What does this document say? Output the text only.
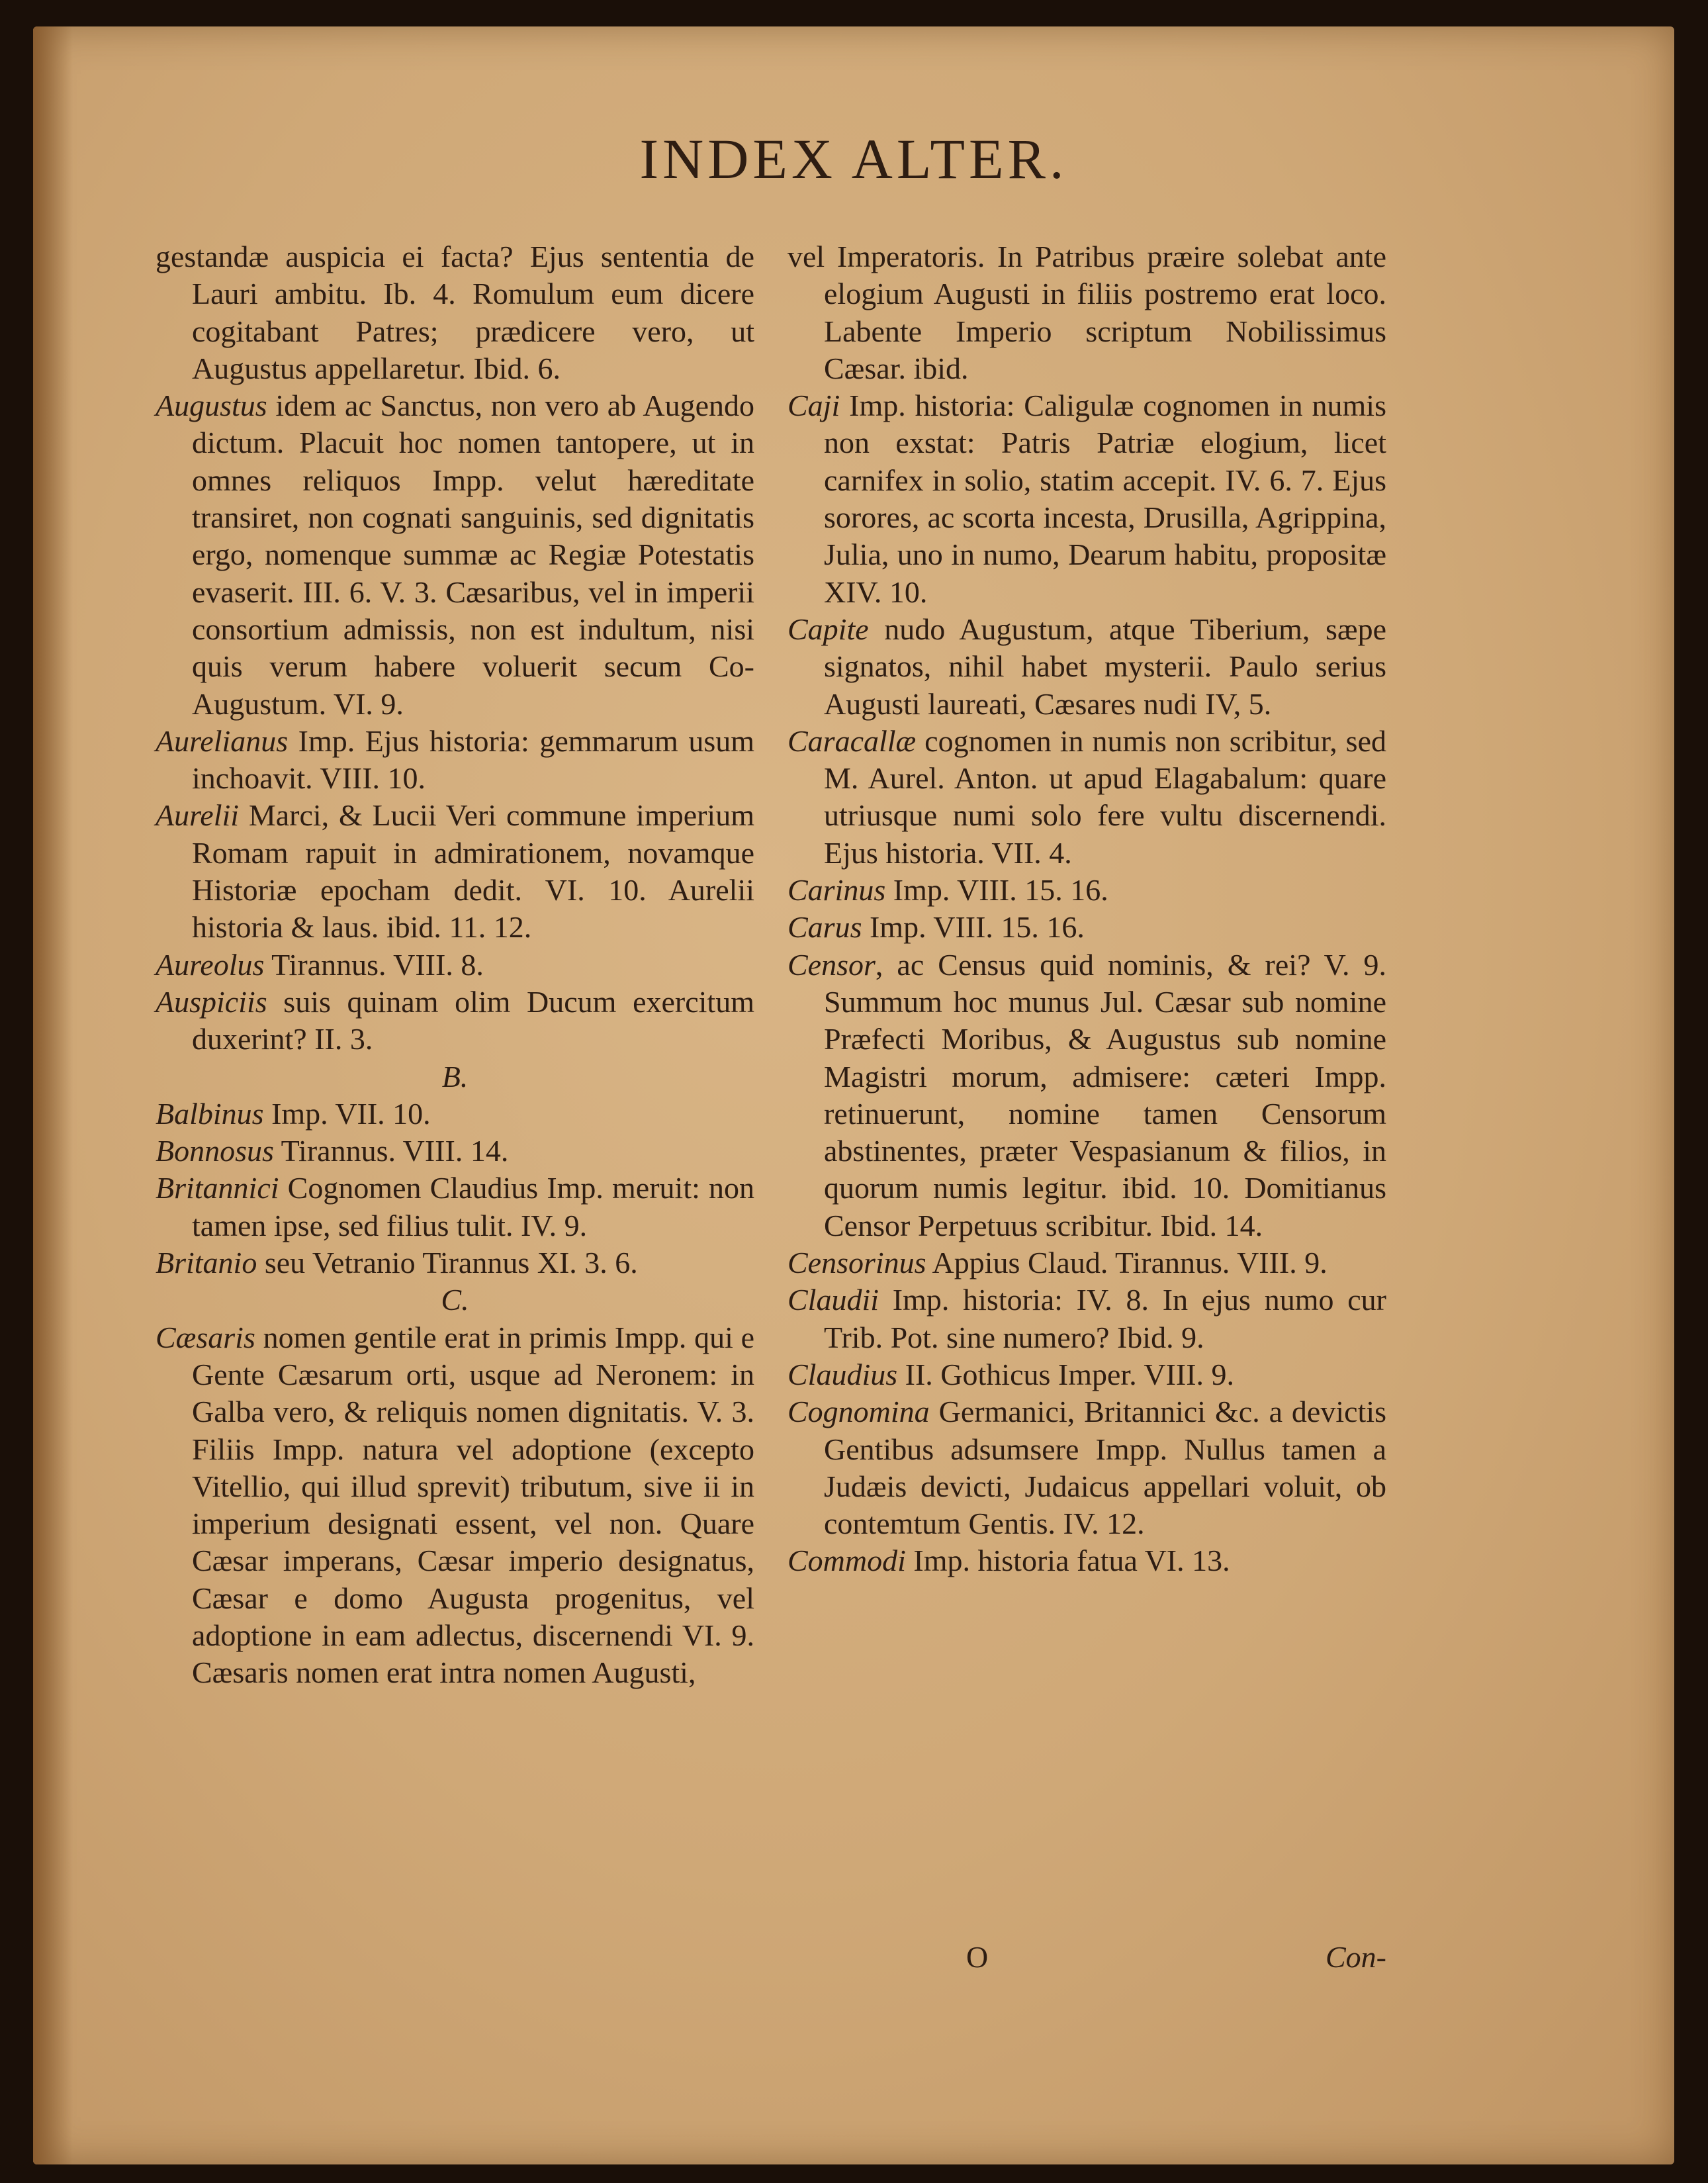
INDEX ALTER.

gestandæ auspicia ei facta? Ejus sententia de Lauri ambitu. Ib. 4. Romulum eum dicere cogitabant Patres; prædicere vero, ut Augustus appellaretur. Ibid. 6.

Augustus idem ac Sanctus, non vero ab Augendo dictum. Placuit hoc nomen tantopere, ut in omnes reliquos Impp. velut hæreditate transiret, non cognati sanguinis, sed dignitatis ergo, nomenque summæ ac Regiæ Potestatis evaserit. III. 6. V. 3. Cæsaribus, vel in imperii consortium admissis, non est indultum, nisi quis verum habere voluerit secum Co-Augustum. VI. 9.

Aurelianus Imp. Ejus historia: gemmarum usum inchoavit. VIII. 10.

Aurelii Marci, & Lucii Veri commune imperium Romam rapuit in admirationem, novamque Historiæ epocham dedit. VI. 10. Aurelii historia & laus. ibid. 11. 12.

Aureolus Tirannus. VIII. 8.

Auspiciis suis quinam olim Ducum exercitum duxerint? II. 3.

B.

Balbinus Imp. VII. 10.

Bonnosus Tirannus. VIII. 14.

Britannici Cognomen Claudius Imp. meruit: non tamen ipse, sed filius tulit. IV. 9.

Britanio seu Vetranio Tirannus XI. 3. 6.

C.

Cæsaris nomen gentile erat in primis Impp. qui e Gente Cæsarum orti, usque ad Neronem: in Galba vero, & reliquis nomen dignitatis. V. 3. Filiis Impp. natura vel adoptione (excepto Vitellio, qui illud sprevit) tributum, sive ii in imperium designati essent, vel non. Quare Cæsar imperans, Cæsar imperio designatus, Cæsar e domo Augusta progenitus, vel adoptione in eam adlectus, discernendi VI. 9. Cæsaris nomen erat intra nomen Augusti,

vel Imperatoris. In Patribus præire solebat ante elogium Augusti in filiis postremo erat loco. Labente Imperio scriptum Nobilissimus Cæsar. ibid.

Caji Imp. historia: Caligulæ cognomen in numis non exstat: Patris Patriæ elogium, licet carnifex in solio, statim accepit. IV. 6. 7. Ejus sorores, ac scorta incesta, Drusilla, Agrippina, Julia, uno in numo, Dearum habitu, propositæ XIV. 10.

Capite nudo Augustum, atque Tiberium, sæpe signatos, nihil habet mysterii. Paulo serius Augusti laureati, Cæsares nudi IV, 5.

Caracallæ cognomen in numis non scribitur, sed M. Aurel. Anton. ut apud Elagabalum: quare utriusque numi solo fere vultu discernendi. Ejus historia. VII. 4.

Carinus Imp. VIII. 15. 16.

Carus Imp. VIII. 15. 16.

Censor, ac Census quid nominis, & rei? V. 9. Summum hoc munus Jul. Cæsar sub nomine Præfecti Moribus, & Augustus sub nomine Magistri morum, admisere: cæteri Impp. retinuerunt, nomine tamen Censorum abstinentes, præter Vespasianum & filios, in quorum numis legitur. ibid. 10. Domitianus Censor Perpetuus scribitur. Ibid. 14.

Censorinus Appius Claud. Tirannus. VIII. 9.

Claudii Imp. historia: IV. 8. In ejus numo cur Trib. Pot. sine numero? Ibid. 9.

Claudius II. Gothicus Imper. VIII. 9.

Cognomina Germanici, Britannici &c. a devictis Gentibus adsumsere Impp. Nullus tamen a Judæis devicti, Judaicus appellari voluit, ob contemtum Gentis. IV. 12.

Commodi Imp. historia fatua VI. 13.

O	Con-
